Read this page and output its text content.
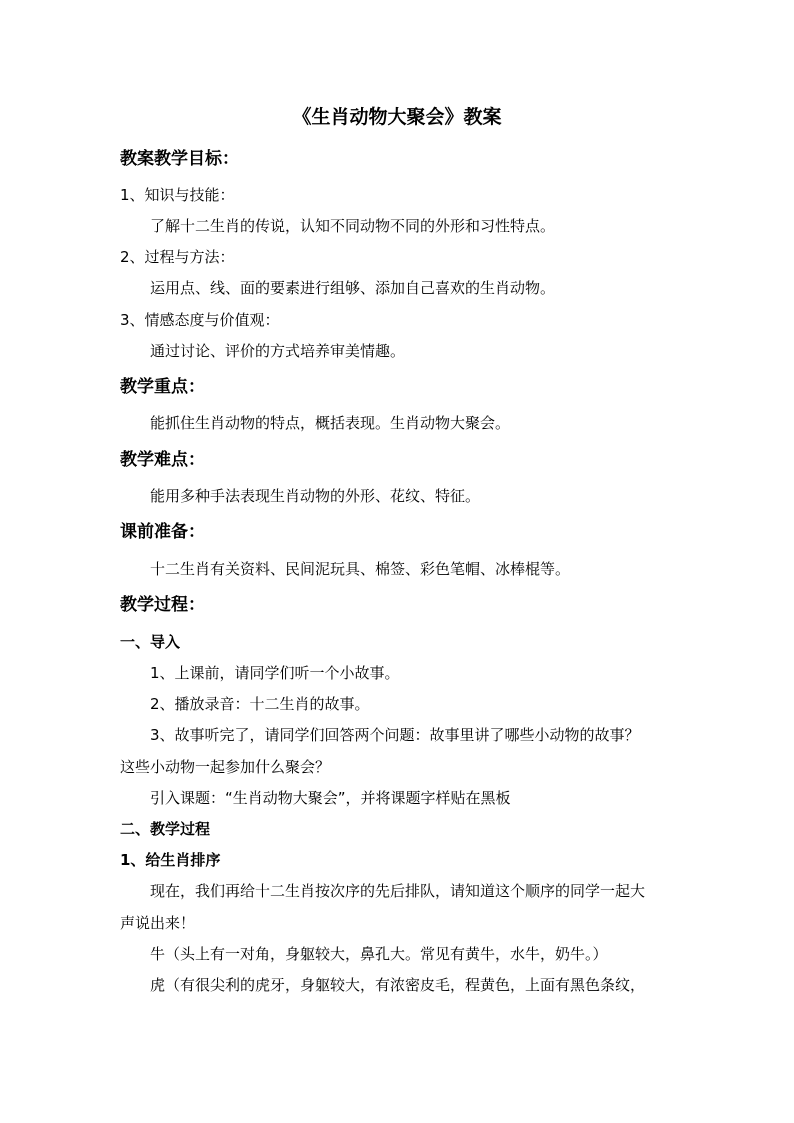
《生肖动物大聚会》教案
教案教学目标：
1、知识与技能：
了解十二生肖的传说，认知不同动物不同的外形和习性特点。
2、过程与方法：
运用点、线、面的要素进行组够、添加自己喜欢的生肖动物。
3、情感态度与价值观：
通过讨论、评价的方式培养审美情趣。
教学重点：
能抓住生肖动物的特点，概括表现。生肖动物大聚会。
教学难点：
能用多种手法表现生肖动物的外形、花纹、特征。
课前准备：
十二生肖有关资料、民间泥玩具、棉签、彩色笔帽、冰棒棍等。
教学过程：
一、导入
1、上课前，请同学们听一个小故事。
2、播放录音：十二生肖的故事。
3、故事听完了，请同学们回答两个问题：故事里讲了哪些小动物的故事？
这些小动物一起参加什么聚会？
引入课题：“生肖动物大聚会”，并将课题字样贴在黑板
二、教学过程
1、给生肖排序
现在，我们再给十二生肖按次序的先后排队，请知道这个顺序的同学一起大
声说出来！
牛（头上有一对角，身躯较大，鼻孔大。常见有黄牛，水牛，奶牛。）
虎（有很尖利的虎牙，身躯较大，有浓密皮毛，程黄色，上面有黑色条纹，
